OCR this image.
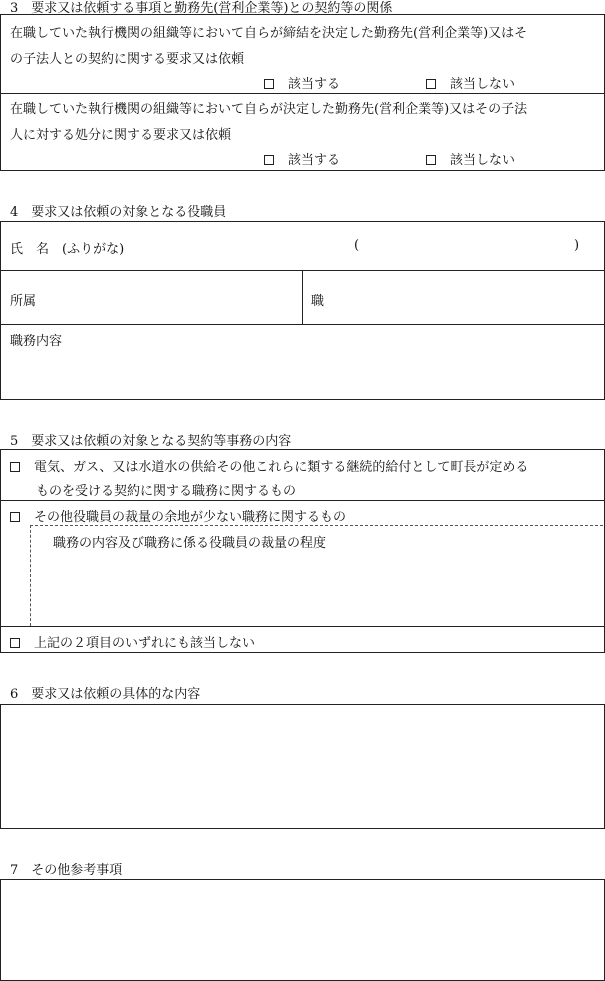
3　要求又は依頼する事項と勤務先(営利企業等)との契約等の関係
在職していた執行機関の組織等において自らが締結を決定した勤務先(営利企業等)又はそ
の子法人との契約に関する要求又は依頼
該当する	該当しない
在職していた執行機関の組織等において自らが決定した勤務先(営利企業等)又はその子法
人に対する処分に関する要求又は依頼
該当する	該当しない
4　要求又は依頼の対象となる役職員
氏　名　(ふりがな)	(	)
所属	職
職務内容
5　要求又は依頼の対象となる契約等事務の内容
電気、ガス、又は水道水の供給その他これらに類する継続的給付として町長が定める
ものを受ける契約に関する職務に関するもの
その他役職員の裁量の余地が少ない職務に関するもの
職務の内容及び職務に係る役職員の裁量の程度
上記の２項目のいずれにも該当しない
6　要求又は依頼の具体的な内容
7　その他参考事項
